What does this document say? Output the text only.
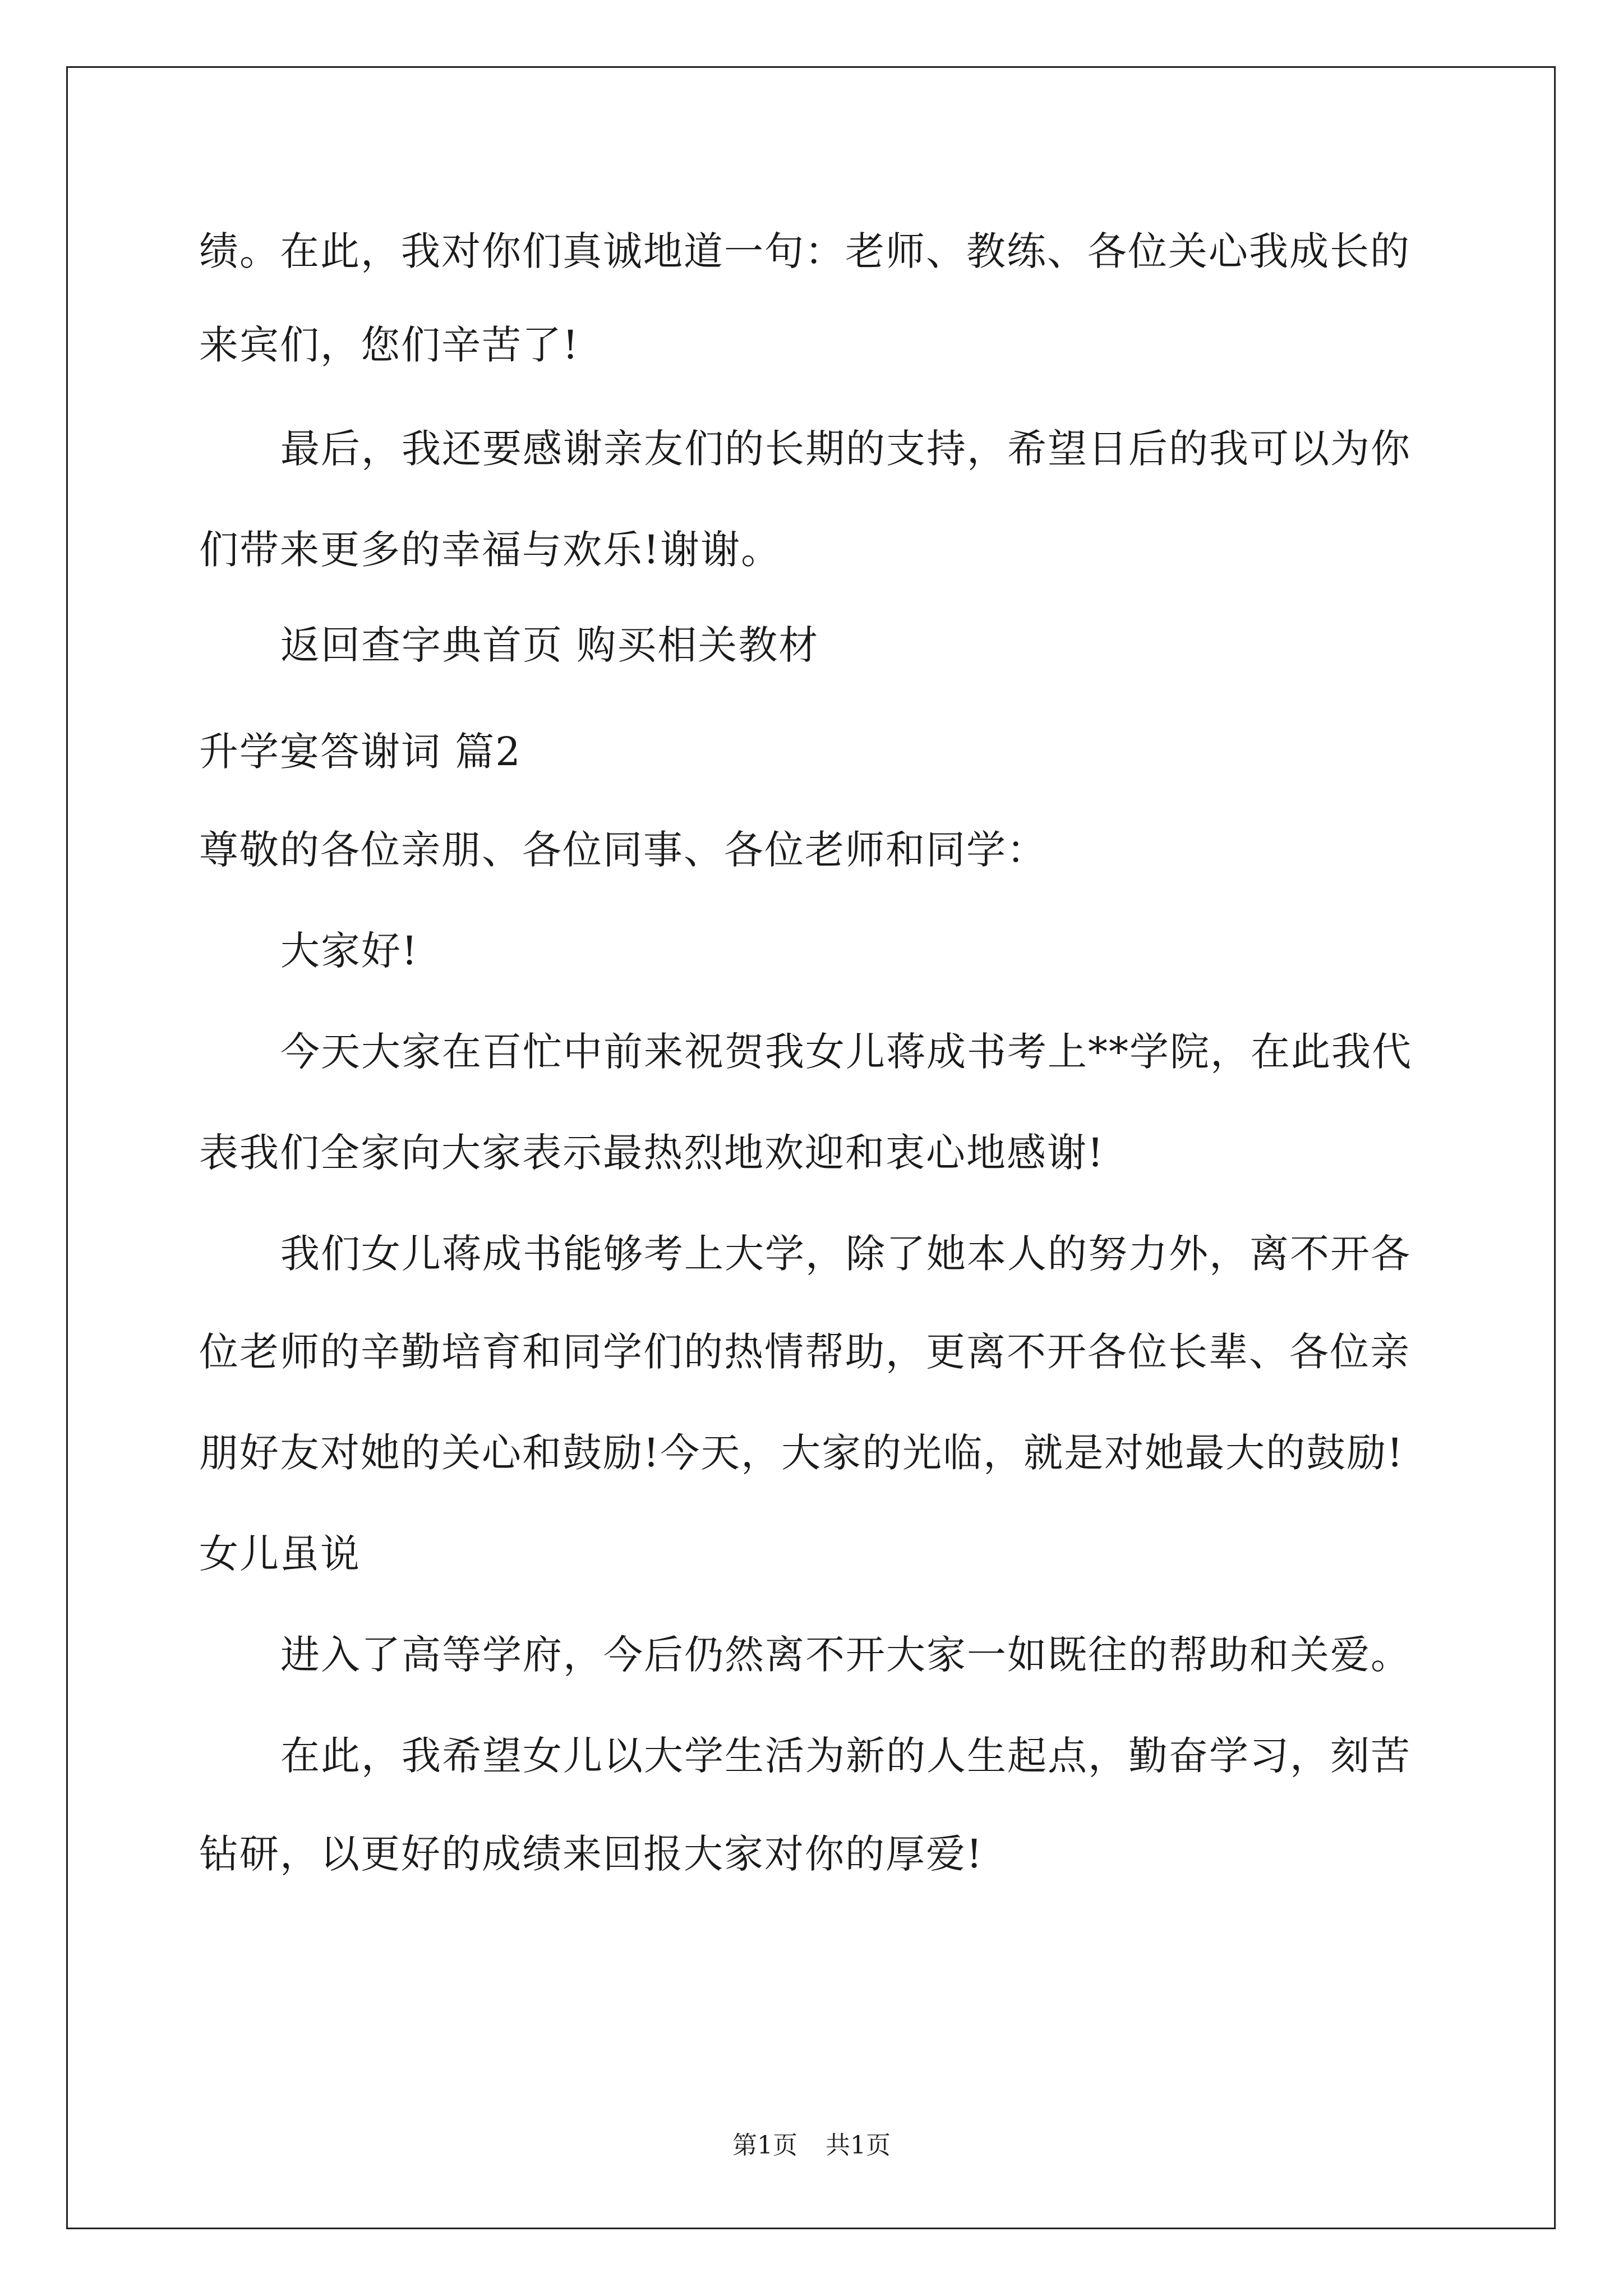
绩。在此，我对你们真诚地道一句：老师、教练、各位关心我成长的
来宾们，您们辛苦了!
最后，我还要感谢亲友们的长期的支持，希望日后的我可以为你
们带来更多的幸福与欢乐!谢谢。
返回查字典首页 购买相关教材
升学宴答谢词 篇2
尊敬的各位亲朋、各位同事、各位老师和同学：
大家好!
今天大家在百忙中前来祝贺我女儿蒋成书考上**学院，在此我代
表我们全家向大家表示最热烈地欢迎和衷心地感谢!
我们女儿蒋成书能够考上大学，除了她本人的努力外，离不开各
位老师的辛勤培育和同学们的热情帮助，更离不开各位长辈、各位亲
朋好友对她的关心和鼓励!今天，大家的光临，就是对她最大的鼓励!
女儿虽说
进入了高等学府，今后仍然离不开大家一如既往的帮助和关爱。
在此，我希望女儿以大学生活为新的人生起点，勤奋学习，刻苦
钻研，以更好的成绩来回报大家对你的厚爱!
第1页 共1页
